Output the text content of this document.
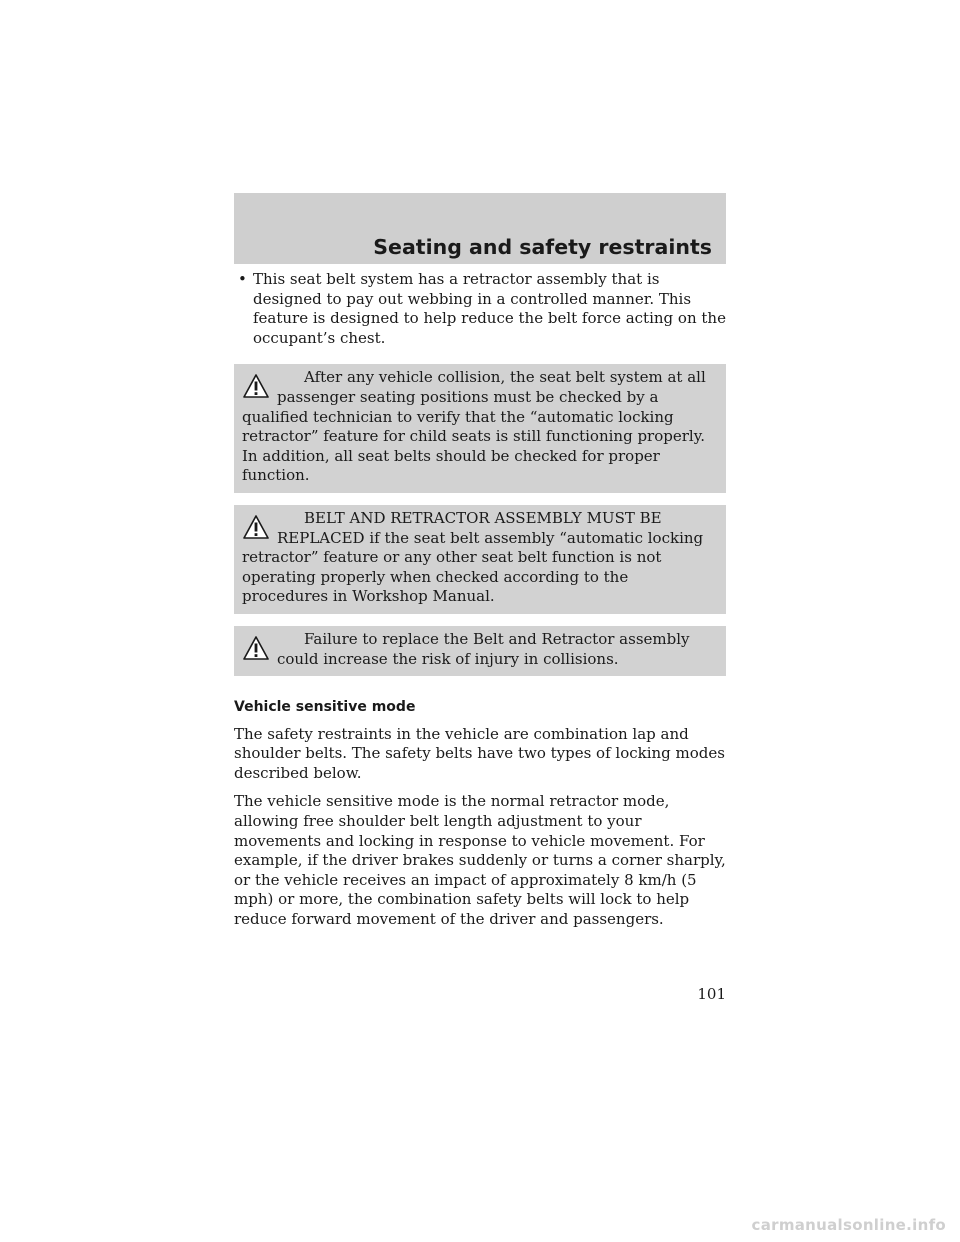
Seating and safety restraints
• This seat belt system has a retractor assembly that is designed to pay out webbing in a controlled manner. This feature is designed to help reduce the belt force acting on the occupant’s chest.
After any vehicle collision, the seat belt system at all passenger seating positions must be checked by a qualified technician to verify that the “automatic locking retractor” feature for child seats is still functioning properly. In addition, all seat belts should be checked for proper function.
BELT AND RETRACTOR ASSEMBLY MUST BE REPLACED if the seat belt assembly “automatic locking retractor” feature or any other seat belt function is not operating properly when checked according to the procedures in Workshop Manual.
Failure to replace the Belt and Retractor assembly could increase the risk of injury in collisions.
Vehicle sensitive mode

The safety restraints in the vehicle are combination lap and shoulder belts. The safety belts have two types of locking modes described below.

The vehicle sensitive mode is the normal retractor mode, allowing free shoulder belt length adjustment to your movements and locking in response to vehicle movement. For example, if the driver brakes suddenly or turns a corner sharply, or the vehicle receives an impact of approximately 8 km/h (5 mph) or more, the combination safety belts will lock to help reduce forward movement of the driver and passengers.

101
carmanualsonline.info
